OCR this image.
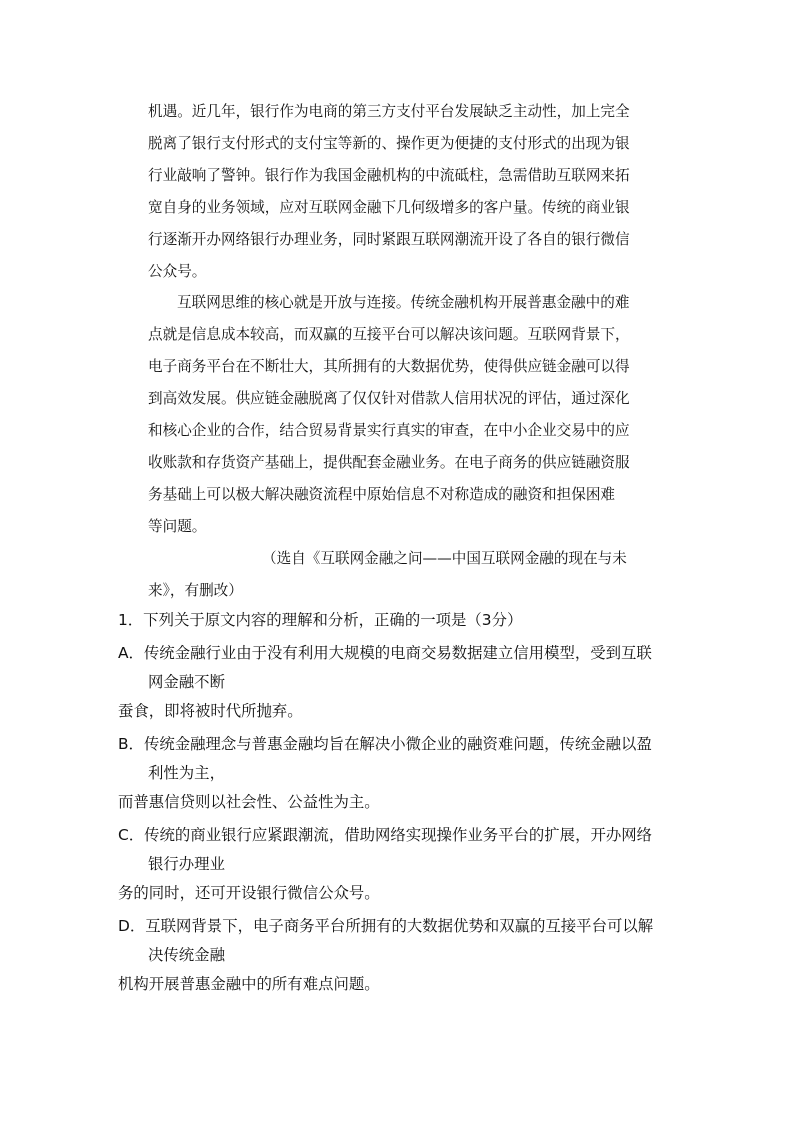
机遇。近几年，银行作为电商的第三方支付平台发展缺乏主动性，加上完全
脱离了银行支付形式的支付宝等新的、操作更为便捷的支付形式的出现为银
行业敲响了警钟。银行作为我国金融机构的中流砥柱，急需借助互联网来拓
宽自身的业务领域，应对互联网金融下几何级增多的客户量。传统的商业银
行逐渐开办网络银行办理业务，同时紧跟互联网潮流开设了各自的银行微信
公众号。
互联网思维的核心就是开放与连接。传统金融机构开展普惠金融中的难
点就是信息成本较高，而双赢的互接平台可以解决该问题。互联网背景下，
电子商务平台在不断壮大，其所拥有的大数据优势，使得供应链金融可以得
到高效发展。供应链金融脱离了仅仅针对借款人信用状况的评估，通过深化
和核心企业的合作，结合贸易背景实行真实的审查，在中小企业交易中的应
收账款和存货资产基础上，提供配套金融业务。在电子商务的供应链融资服
务基础上可以极大解决融资流程中原始信息不对称造成的融资和担保困难
等问题。
（选自《互联网金融之问——中国互联网金融的现在与未
来》，有删改）
1．下列关于原文内容的理解和分析，正确的一项是（3分）
A．传统金融行业由于没有利用大规模的电商交易数据建立信用模型，受到互联
网金融不断
蚕食，即将被时代所抛弃。
B．传统金融理念与普惠金融均旨在解决小微企业的融资难问题，传统金融以盈
利性为主，
而普惠信贷则以社会性、公益性为主。
C．传统的商业银行应紧跟潮流，借助网络实现操作业务平台的扩展，开办网络
银行办理业
务的同时，还可开设银行微信公众号。
D．互联网背景下，电子商务平台所拥有的大数据优势和双赢的互接平台可以解
决传统金融
机构开展普惠金融中的所有难点问题。
